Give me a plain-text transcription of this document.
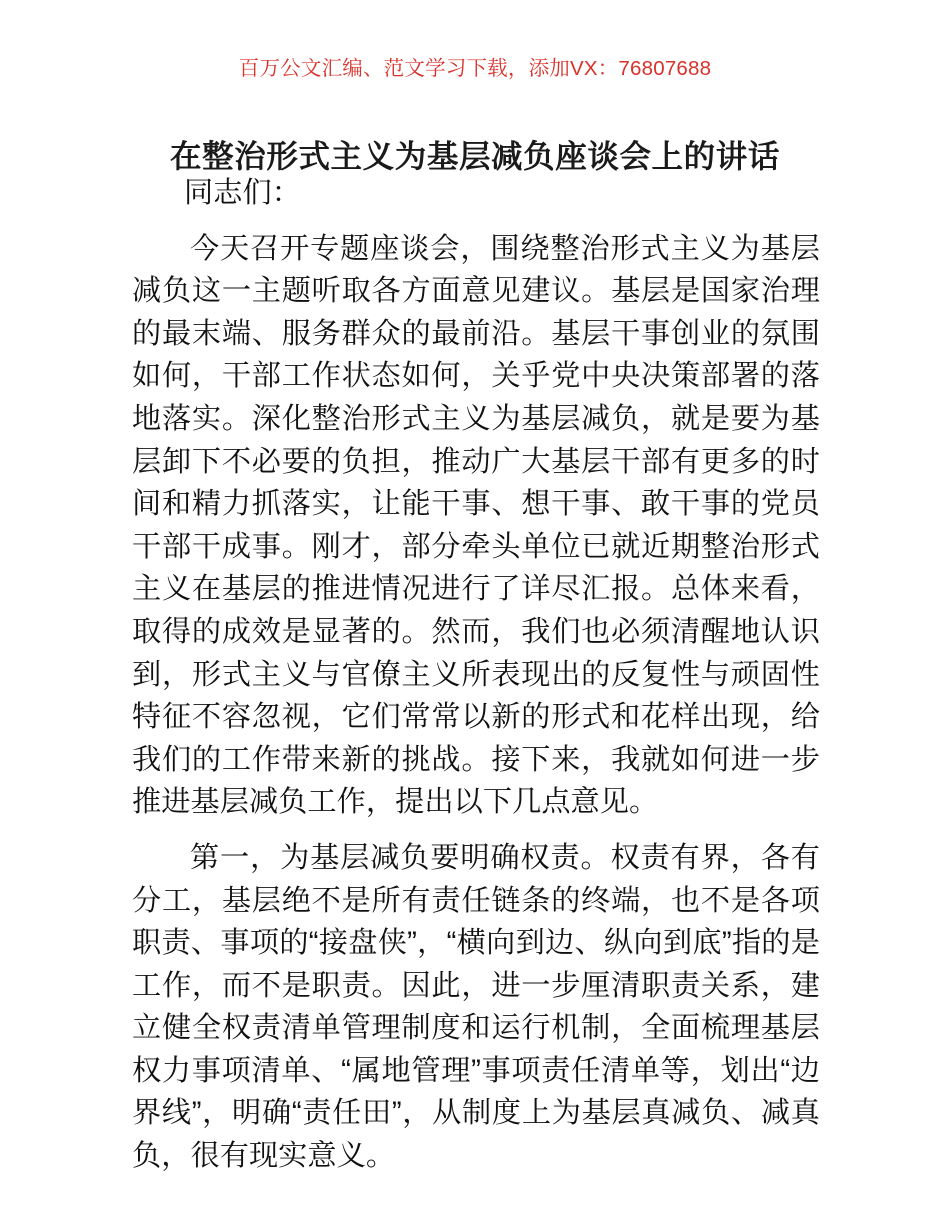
百万公文汇编、范文学习下载，添加VX：76807688
在整治形式主义为基层减负座谈会上的讲话

同志们：

今天召开专题座谈会，围绕整治形式主义为基层减负这一主题听取各方面意见建议。基层是国家治理的最末端、服务群众的最前沿。基层干事创业的氛围如何，干部工作状态如何，关乎党中央决策部署的落地落实。深化整治形式主义为基层减负，就是要为基层卸下不必要的负担，推动广大基层干部有更多的时间和精力抓落实，让能干事、想干事、敢干事的党员干部干成事。刚才，部分牵头单位已就近期整治形式主义在基层的推进情况进行了详尽汇报。总体来看，取得的成效是显著的。然而，我们也必须清醒地认识到，形式主义与官僚主义所表现出的反复性与顽固性特征不容忽视，它们常常以新的形式和花样出现，给我们的工作带来新的挑战。接下来，我就如何进一步推进基层减负工作，提出以下几点意见。

第一，为基层减负要明确权责。权责有界，各有分工，基层绝不是所有责任链条的终端，也不是各项职责、事项的“接盘侠”，“横向到边、纵向到底”指的是工作，而不是职责。因此，进一步厘清职责关系，建立健全权责清单管理制度和运行机制，全面梳理基层权力事项清单、“属地管理”事项责任清单等，划出“边界线”，明确“责任田”，从制度上为基层真减负、减真负，很有现实意义。
